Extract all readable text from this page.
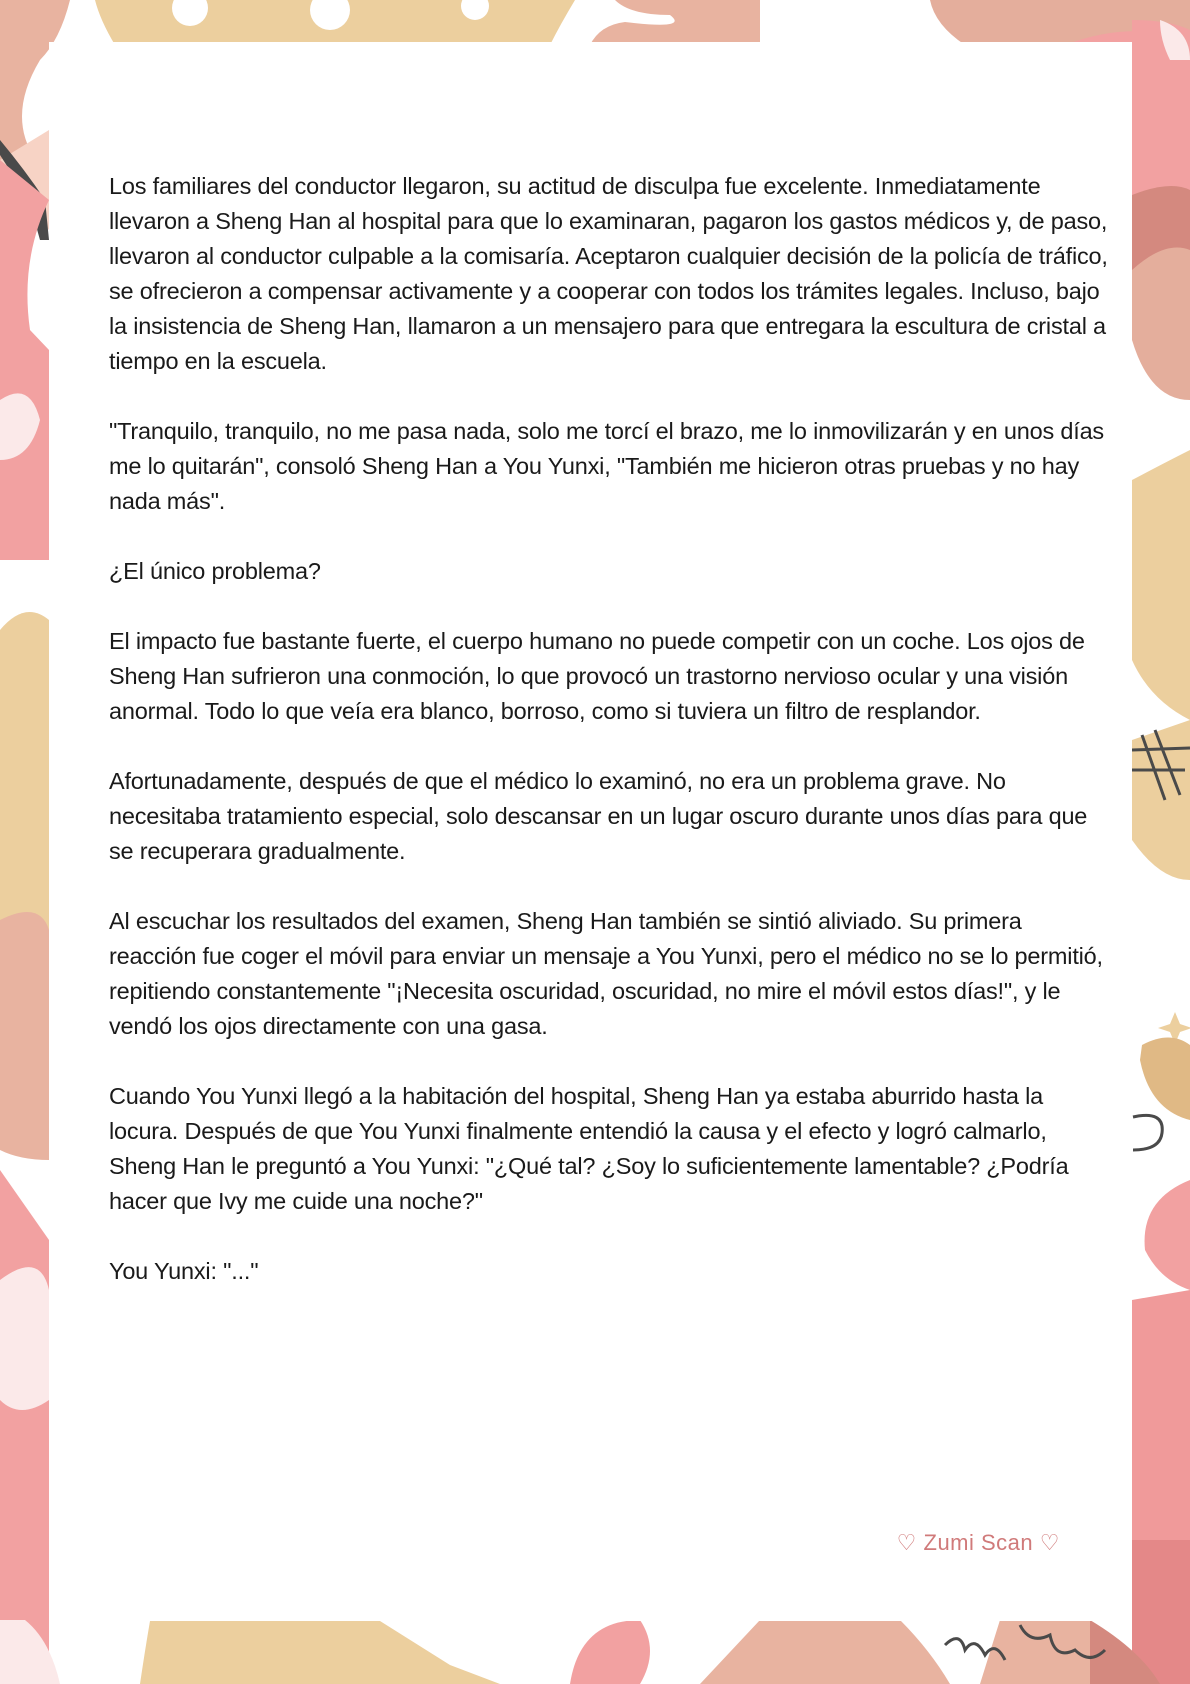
Los familiares del conductor llegaron, su actitud de disculpa fue excelente. Inmediatamente llevaron a Sheng Han al hospital para que lo examinaran, pagaron los gastos médicos y, de paso, llevaron al conductor culpable a la comisaría. Aceptaron cualquier decisión de la policía de tráfico, se ofrecieron a compensar activamente y a cooperar con todos los trámites legales. Incluso, bajo la insistencia de Sheng Han, llamaron a un mensajero para que entregara la escultura de cristal a tiempo en la escuela.

"Tranquilo, tranquilo, no me pasa nada, solo me torcí el brazo, me lo inmovilizarán y en unos días me lo quitarán", consoló Sheng Han a You Yunxi, "También me hicieron otras pruebas y no hay nada más".

¿El único problema?

El impacto fue bastante fuerte, el cuerpo humano no puede competir con un coche. Los ojos de Sheng Han sufrieron una conmoción, lo que provocó un trastorno nervioso ocular y una visión anormal. Todo lo que veía era blanco, borroso, como si tuviera un filtro de resplandor.

Afortunadamente, después de que el médico lo examinó, no era un problema grave. No necesitaba tratamiento especial, solo descansar en un lugar oscuro durante unos días para que se recuperara gradualmente.

Al escuchar los resultados del examen, Sheng Han también se sintió aliviado. Su primera reacción fue coger el móvil para enviar un mensaje a You Yunxi, pero el médico no se lo permitió, repitiendo constantemente "¡Necesita oscuridad, oscuridad, no mire el móvil estos días!", y le vendó los ojos directamente con una gasa.

Cuando You Yunxi llegó a la habitación del hospital, Sheng Han ya estaba aburrido hasta la locura. Después de que You Yunxi finalmente entendió la causa y el efecto y logró calmarlo, Sheng Han le preguntó a You Yunxi: "¿Qué tal? ¿Soy lo suficientemente lamentable? ¿Podría hacer que Ivy me cuide una noche?"

You Yunxi: "..."

♡ Zumi Scan ♡
